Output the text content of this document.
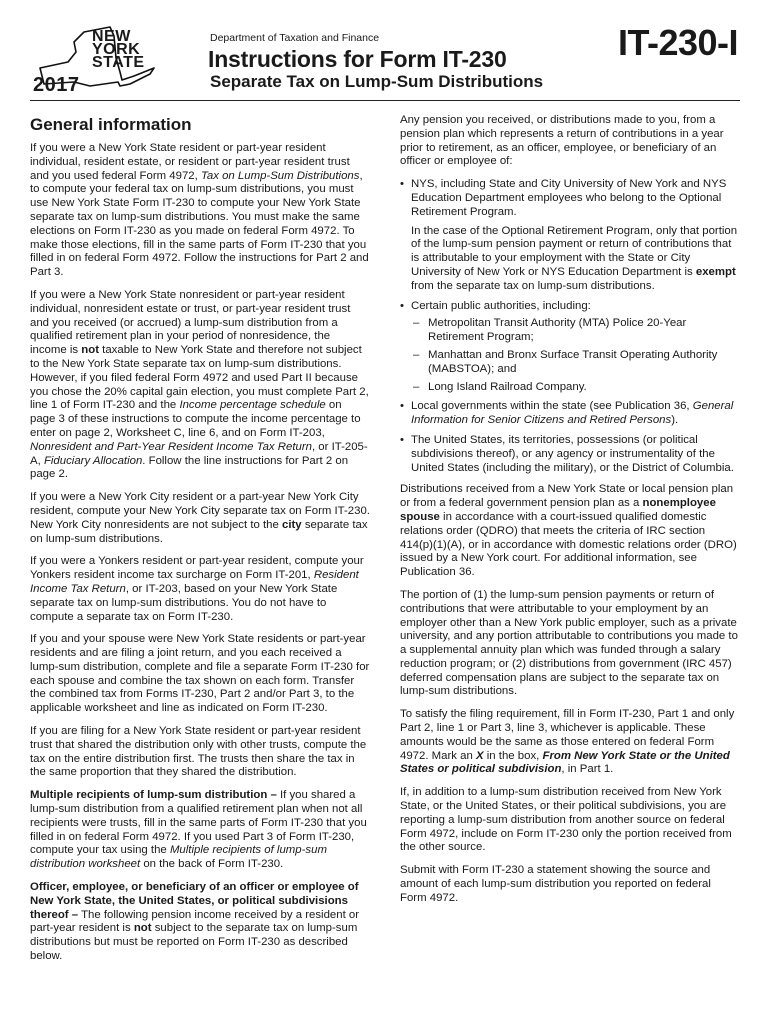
2017
NEW
YORK
STATE
Department of Taxation and Finance
Instructions for Form IT-230
Separate Tax on Lump-Sum Distributions
IT-230-I
General information

If you were a New York State resident or part-year resident individual, resident estate, or resident or part-year resident trust and you used federal Form 4972, Tax on Lump-Sum Distributions, to compute your federal tax on lump-sum distributions, you must use New York State Form IT-230 to compute your New York State separate tax on lump-sum distributions. You must make the same elections on Form IT-230 as you made on federal Form 4972. To make those elections, fill in the same parts of Form IT-230 that you filled in on federal Form 4972. Follow the instructions for Part 2 and Part 3.

If you were a New York State nonresident or part-year resident individual, nonresident estate or trust, or part-year resident trust and you received (or accrued) a lump-sum distribution from a qualified retirement plan in your period of nonresidence, the income is not taxable to New York State and therefore not subject to the New York State separate tax on lump-sum distributions. However, if you filed federal Form 4972 and used Part II because you chose the 20% capital gain election, you must complete Part 2, line 1 of Form IT-230 and the Income percentage schedule on page 3 of these instructions to compute the income percentage to enter on page 2, Worksheet C, line 6, and on Form IT-203, Nonresident and Part-Year Resident Income Tax Return, or IT-205-A, Fiduciary Allocation. Follow the line instructions for Part 2 on page 2.

If you were a New York City resident or a part-year New York City resident, compute your New York City separate tax on Form IT-230. New York City nonresidents are not subject to the city separate tax on lump-sum distributions.

If you were a Yonkers resident or part-year resident, compute your Yonkers resident income tax surcharge on Form IT-201, Resident Income Tax Return, or IT-203, based on your New York State separate tax on lump-sum distributions. You do not have to compute a separate tax on Form IT-230.

If you and your spouse were New York State residents or part-year residents and are filing a joint return, and you each received a lump-sum distribution, complete and file a separate Form IT-230 for each spouse and combine the tax shown on each form. Transfer the combined tax from Forms IT-230, Part 2 and/or Part 3, to the applicable worksheet and line as indicated on Form IT-230.

If you are filing for a New York State resident or part-year resident trust that shared the distribution only with other trusts, compute the tax on the entire distribution first. The trusts then share the tax in the same proportion that they shared the distribution.

Multiple recipients of lump-sum distribution – If you shared a lump-sum distribution from a qualified retirement plan when not all recipients were trusts, fill in the same parts of Form IT-230 that you filled in on federal Form 4972. If you used Part 3 of Form IT-230, compute your tax using the Multiple recipients of lump-sum distribution worksheet on the back of Form IT-230.

Officer, employee, or beneficiary of an officer or employee of New York State, the United States, or political subdivisions thereof – The following pension income received by a resident or part-year resident is not subject to the separate tax on lump-sum distributions but must be reported on Form IT-230 as described below.

Any pension you received, or distributions made to you, from a pension plan which represents a return of contributions in a year prior to retirement, as an officer, employee, or beneficiary of an officer or employee of:

• NYS, including State and City University of New York and NYS Education Department employees who belong to the Optional Retirement Program.
In the case of the Optional Retirement Program, only that portion of the lump-sum pension payment or return of contributions that is attributable to your employment with the State or City University of New York or NYS Education Department is exempt from the separate tax on lump-sum distributions.
• Certain public authorities, including:
– Metropolitan Transit Authority (MTA) Police 20-Year Retirement Program;
– Manhattan and Bronx Surface Transit Operating Authority (MABSTOA); and
– Long Island Railroad Company.
• Local governments within the state (see Publication 36, General Information for Senior Citizens and Retired Persons).
• The United States, its territories, possessions (or political subdivisions thereof), or any agency or instrumentality of the United States (including the military), or the District of Columbia.

Distributions received from a New York State or local pension plan or from a federal government pension plan as a nonemployee spouse in accordance with a court-issued qualified domestic relations order (QDRO) that meets the criteria of IRC section 414(p)(1)(A), or in accordance with domestic relations order (DRO) issued by a New York court. For additional information, see Publication 36.

The portion of (1) the lump-sum pension payments or return of contributions that were attributable to your employment by an employer other than a New York public employer, such as a private university, and any portion attributable to contributions you made to a supplemental annuity plan which was funded through a salary reduction program; or (2) distributions from government (IRC 457) deferred compensation plans are subject to the separate tax on lump-sum distributions.

To satisfy the filing requirement, fill in Form IT-230, Part 1 and only Part 2, line 1 or Part 3, line 3, whichever is applicable. These amounts would be the same as those entered on federal Form 4972. Mark an X in the box, From New York State or the United States or political subdivision, in Part 1.

If, in addition to a lump-sum distribution received from New York State, or the United States, or their political subdivisions, you are reporting a lump-sum distribution from another source on federal Form 4972, include on Form IT-230 only the portion received from the other source.

Submit with Form IT-230 a statement showing the source and amount of each lump-sum distribution you reported on federal Form 4972.
